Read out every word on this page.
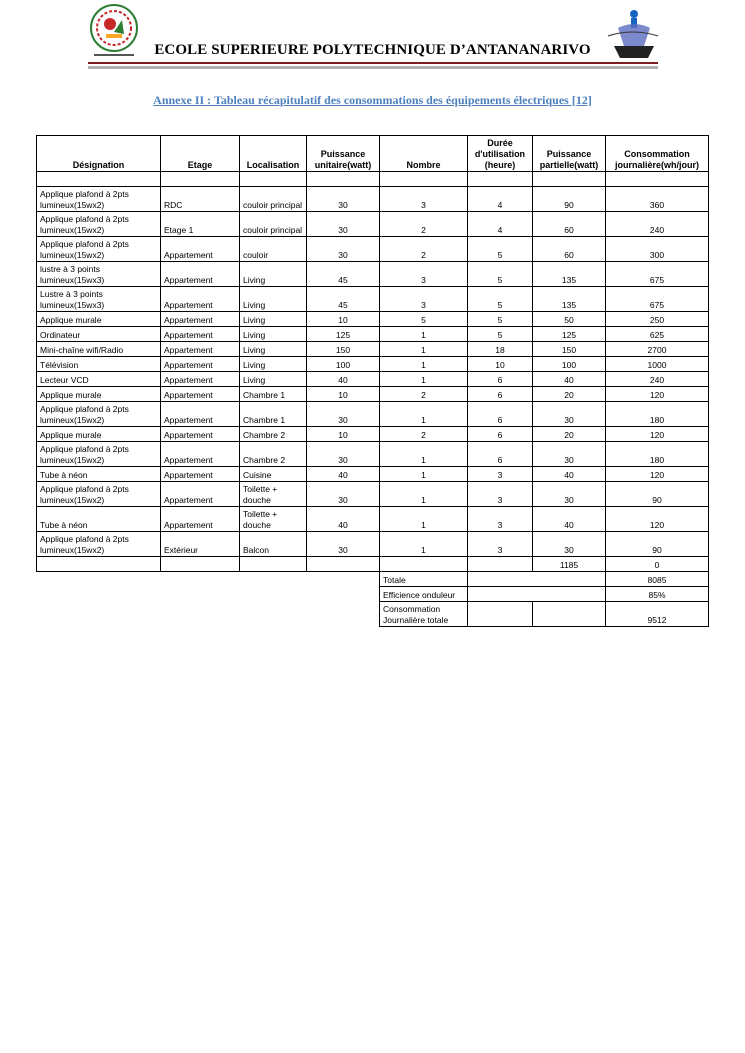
ECOLE SUPERIEURE POLYTECHNIQUE D’ANTANANARIVO
Annexe II : Tableau récapitulatif des consommations des équipements électriques [12]
Désignation	Etage	Localisation	Puissance unitaire(watt)	Nombre	Durée d'utilisation (heure)	Puissance partielle(watt)	Consommation journalière(wh/jour)

Applique plafond à 2pts lumineux(15wx2)	RDC	couloir principal	30	3	4	90	360
Applique plafond à 2pts lumineux(15wx2)	Etage 1	couloir principal	30	2	4	60	240
Applique plafond à 2pts lumineux(15wx2)	Appartement	couloir	30	2	5	60	300
lustre à 3 points lumineux(15wx3)	Appartement	Living	45	3	5	135	675
Lustre à 3 points lumineux(15wx3)	Appartement	Living	45	3	5	135	675
Applique murale	Appartement	Living	10	5	5	50	250
Ordinateur	Appartement	Living	125	1	5	125	625
Mini-chaîne wifi/Radio	Appartement	Living	150	1	18	150	2700
Télévision	Appartement	Living	100	1	10	100	1000
Lecteur VCD	Appartement	Living	40	1	6	40	240
Applique murale	Appartement	Chambre 1	10	2	6	20	120
Applique plafond à 2pts lumineux(15wx2)	Appartement	Chambre 1	30	1	6	30	180
Applique murale	Appartement	Chambre 2	10	2	6	20	120
Applique plafond à 2pts lumineux(15wx2)	Appartement	Chambre 2	30	1	6	30	180
Tube à néon	Appartement	Cuisine	40	1	3	40	120
Applique plafond à 2pts lumineux(15wx2)	Appartement	Toilette + douche	30	1	3	30	90
Tube à néon	Appartement	Toilette + douche	40	1	3	40	120
Applique plafond à 2pts lumineux(15wx2)	Extérieur	Balcon	30	1	3	30	90
						1185	0
				Totale			8085
				Efficience onduleur			85%
				Consommation Journalière totale			9512
